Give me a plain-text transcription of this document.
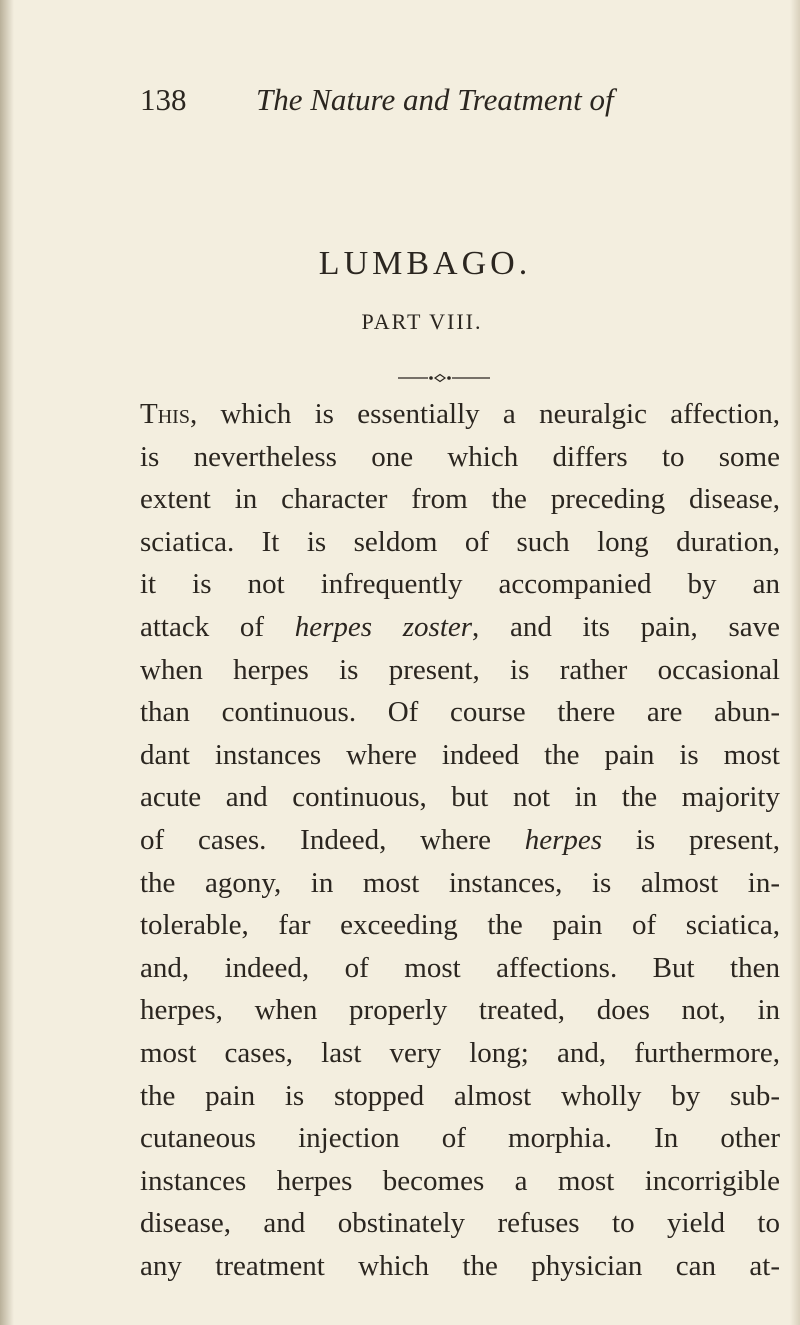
138 The Nature and Treatment of
LUMBAGO.
PART VIII.
This, which is essentially a neuralgic affection,
is nevertheless one which differs to some
extent in character from the preceding disease,
sciatica. It is seldom of such long duration,
it is not infrequently accompanied by an
attack of herpes zoster, and its pain, save
when herpes is present, is rather occasional
than continuous. Of course there are abun-
dant instances where indeed the pain is most
acute and continuous, but not in the majority
of cases. Indeed, where herpes is present,
the agony, in most instances, is almost in-
tolerable, far exceeding the pain of sciatica,
and, indeed, of most affections. But then
herpes, when properly treated, does not, in
most cases, last very long; and, furthermore,
the pain is stopped almost wholly by sub-
cutaneous injection of morphia. In other
instances herpes becomes a most incorrigible
disease, and obstinately refuses to yield to
any treatment which the physician can at-
